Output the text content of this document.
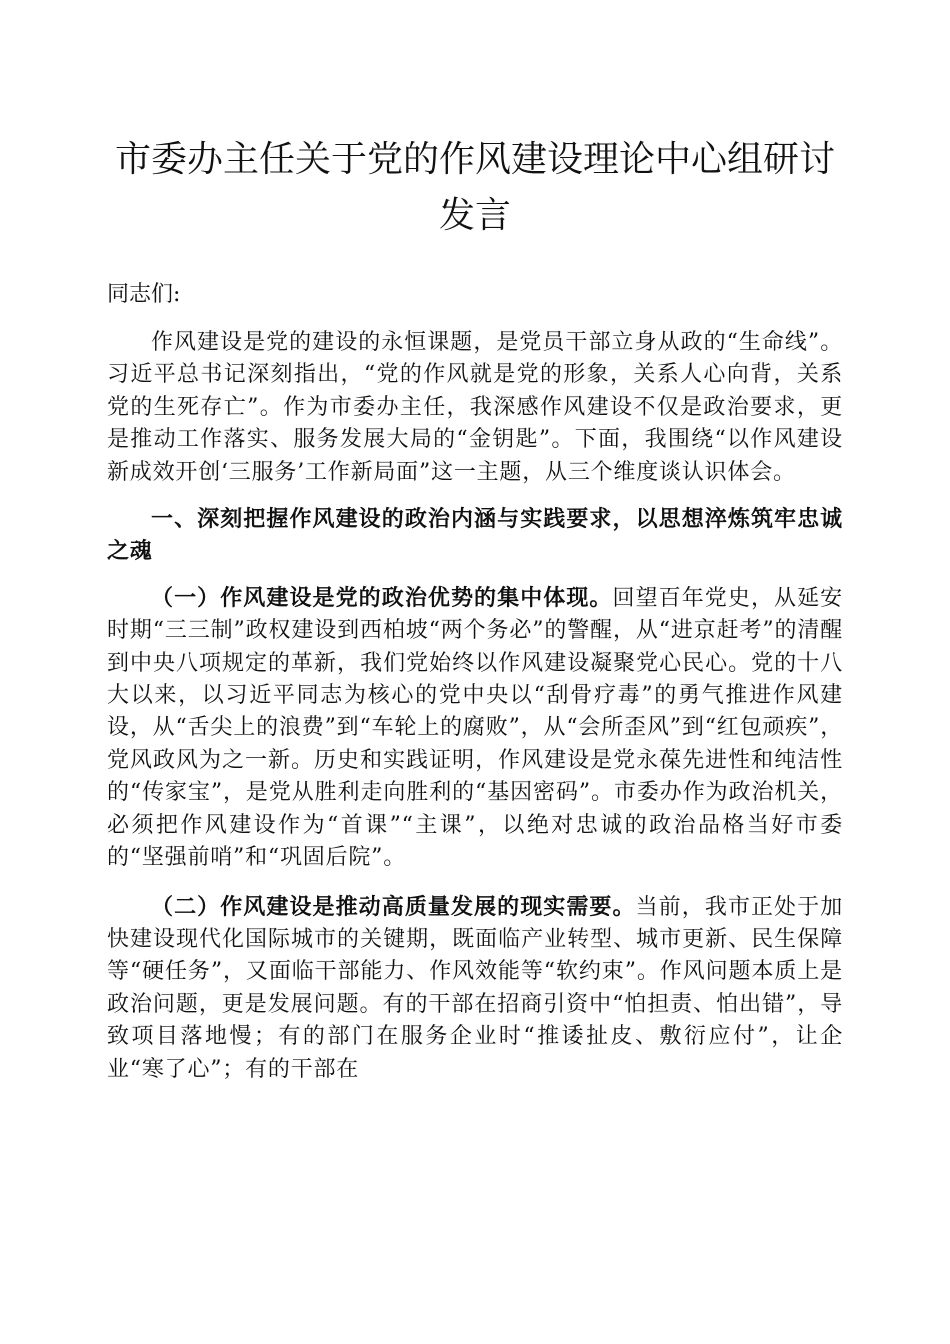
市委办主任关于党的作风建设理论中心组研讨发言
同志们:

作风建设是党的建设的永恒课题，是党员干部立身从政的“生命线”。习近平总书记深刻指出，“党的作风就是党的形象，关系人心向背，关系党的生死存亡”。作为市委办主任，我深感作风建设不仅是政治要求，更是推动工作落实、服务发展大局的“金钥匙”。下面，我围绕“以作风建设新成效开创‘三服务’工作新局面”这一主题，从三个维度谈认识体会。

一、深刻把握作风建设的政治内涵与实践要求，以思想淬炼筑牢忠诚之魂

（一）作风建设是党的政治优势的集中体现。回望百年党史，从延安时期“三三制”政权建设到西柏坡“两个务必”的警醒，从“进京赶考”的清醒到中央八项规定的革新，我们党始终以作风建设凝聚党心民心。党的十八大以来，以习近平同志为核心的党中央以“刮骨疗毒”的勇气推进作风建设，从“舌尖上的浪费”到“车轮上的腐败”，从“会所歪风”到“红包顽疾”，党风政风为之一新。历史和实践证明，作风建设是党永葆先进性和纯洁性的“传家宝”，是党从胜利走向胜利的“基因密码”。市委办作为政治机关，必须把作风建设作为“首课”“主课”，以绝对忠诚的政治品格当好市委的“坚强前哨”和“巩固后院”。

（二）作风建设是推动高质量发展的现实需要。当前，我市正处于加快建设现代化国际城市的关键期，既面临产业转型、城市更新、民生保障等“硬任务”，又面临干部能力、作风效能等“软约束”。作风问题本质上是政治问题，更是发展问题。有的干部在招商引资中“怕担责、怕出错”，导致项目落地慢；有的部门在服务企业时“推诿扯皮、敷衍应付”，让企业“寒了心”；有的干部在
